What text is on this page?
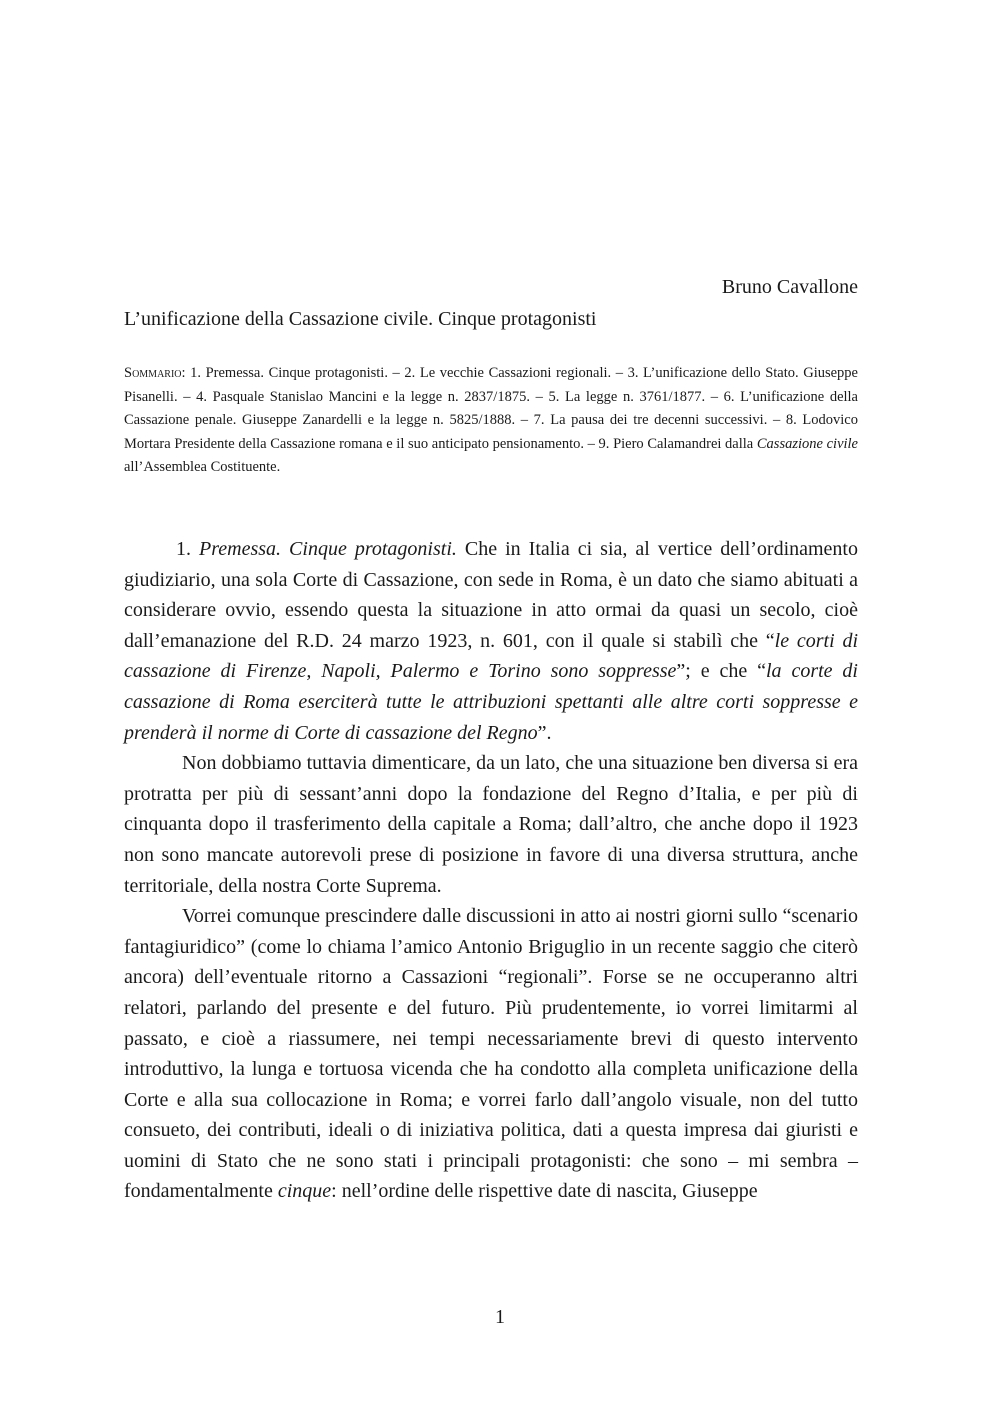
Bruno Cavallone

L’unificazione della Cassazione civile. Cinque protagonisti

Sommario: 1. Premessa. Cinque protagonisti. – 2. Le vecchie Cassazioni regionali. – 3. L’unificazione dello Stato. Giuseppe Pisanelli. – 4. Pasquale Stanislao Mancini e la legge n. 2837/1875. – 5. La legge n. 3761/1877. – 6. L’unificazione della Cassazione penale. Giuseppe Zanardelli e la legge n. 5825/1888. – 7. La pausa dei tre decenni successivi. – 8. Lodovico Mortara Presidente della Cassazione romana e il suo anticipato pensionamento. – 9. Piero Calamandrei dalla Cassazione civile all’Assemblea Costituente.

1. Premessa. Cinque protagonisti. Che in Italia ci sia, al vertice dell’ordinamento giudiziario, una sola Corte di Cassazione, con sede in Roma, è un dato che siamo abituati a considerare ovvio, essendo questa la situazione in atto ormai da quasi un secolo, cioè dall’emanazione del R.D. 24 marzo 1923, n. 601, con il quale si stabilì che “le corti di cassazione di Firenze, Napoli, Palermo e Torino sono soppresse”; e che “la corte di cassazione di Roma eserciterà tutte le attribuzioni spettanti alle altre corti soppresse e prenderà il norme di Corte di cassazione del Regno”.

Non dobbiamo tuttavia dimenticare, da un lato, che una situazione ben diversa si era protratta per più di sessant’anni dopo la fondazione del Regno d’Italia, e per più di cinquanta dopo il trasferimento della capitale a Roma; dall’altro, che anche dopo il 1923 non sono mancate autorevoli prese di posizione in favore di una diversa struttura, anche territoriale, della nostra Corte Suprema.

Vorrei comunque prescindere dalle discussioni in atto ai nostri giorni sullo “scenario fantagiuridico” (come lo chiama l’amico Antonio Briguglio in un recente saggio che citerò ancora) dell’eventuale ritorno a Cassazioni “regionali”. Forse se ne occuperanno altri relatori, parlando del presente e del futuro. Più prudentemente, io vorrei limitarmi al passato, e cioè a riassumere, nei tempi necessariamente brevi di questo intervento introduttivo, la lunga e tortuosa vicenda che ha condotto alla completa unificazione della Corte e alla sua collocazione in Roma; e vorrei farlo dall’angolo visuale, non del tutto consueto, dei contributi, ideali o di iniziativa politica, dati a questa impresa dai giuristi e uomini di Stato che ne sono stati i principali protagonisti: che sono – mi sembra – fondamentalmente cinque: nell’ordine delle rispettive date di nascita, Giuseppe

1
